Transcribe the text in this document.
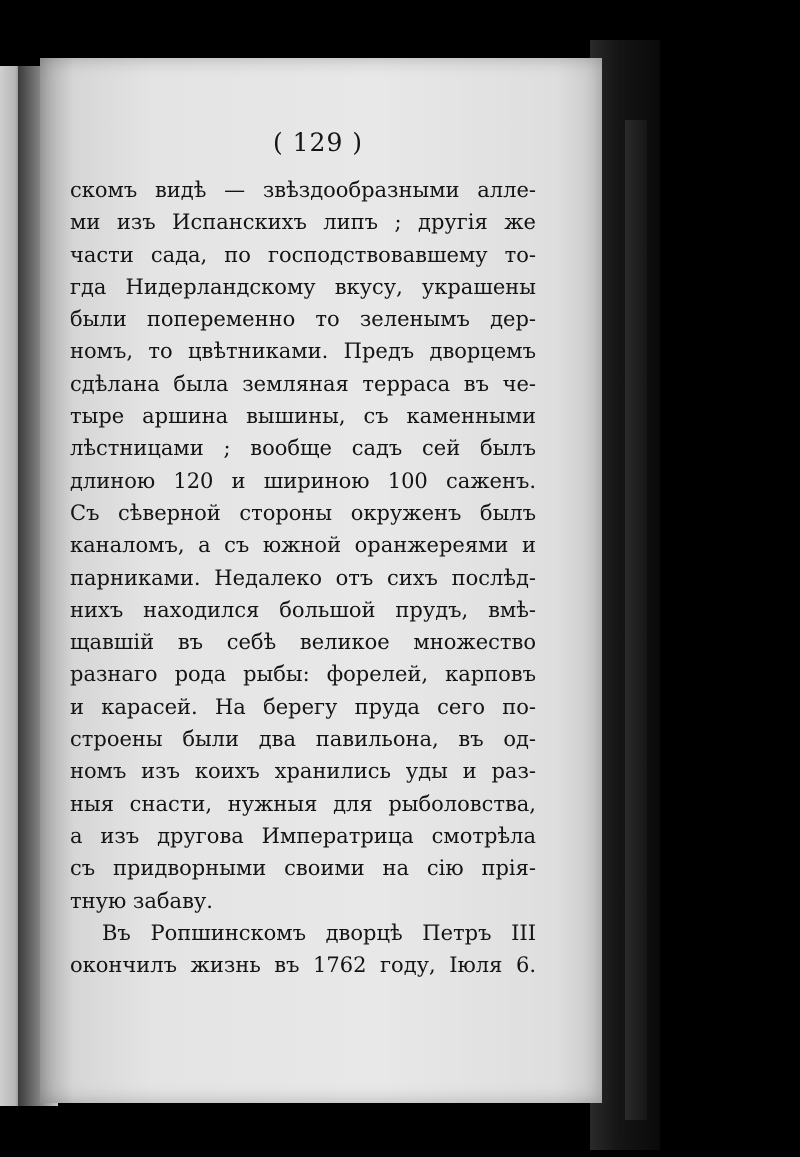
( 129 )
скомъ видѣ — звѣздообразными алле-
ми изъ Испанскихъ липъ ; другія же
части сада, по господствовавшему то-
гда Нидерландскому вкусу, украшены
были попеременно то зеленымъ дер-
номъ, то цвѣтниками. Предъ дворцемъ
сдѣлана была земляная терраса въ че-
тыре аршина вышины, съ каменными
лѣстницами ; вообще садъ сей былъ
длиною 120 и шириною 100 саженъ.
Съ сѣверной стороны окруженъ былъ
каналомъ, а съ южной оранжереями и
парниками. Недалеко отъ сихъ послѣд-
нихъ находился большой прудъ, вмѣ-
щавшій въ себѣ великое множество
разнаго рода рыбы: форелей, карповъ
и карасей. На берегу пруда сего по-
строены были два павильона, въ од-
номъ изъ коихъ хранились уды и раз-
ныя снасти, нужныя для рыболовства,
а изъ другова Императрица смотрѣла
съ придворными своими на сію прія-
тную забаву.
Въ Ропшинскомъ дворцѣ Петръ III
окончилъ жизнь въ 1762 году, Іюля 6.
